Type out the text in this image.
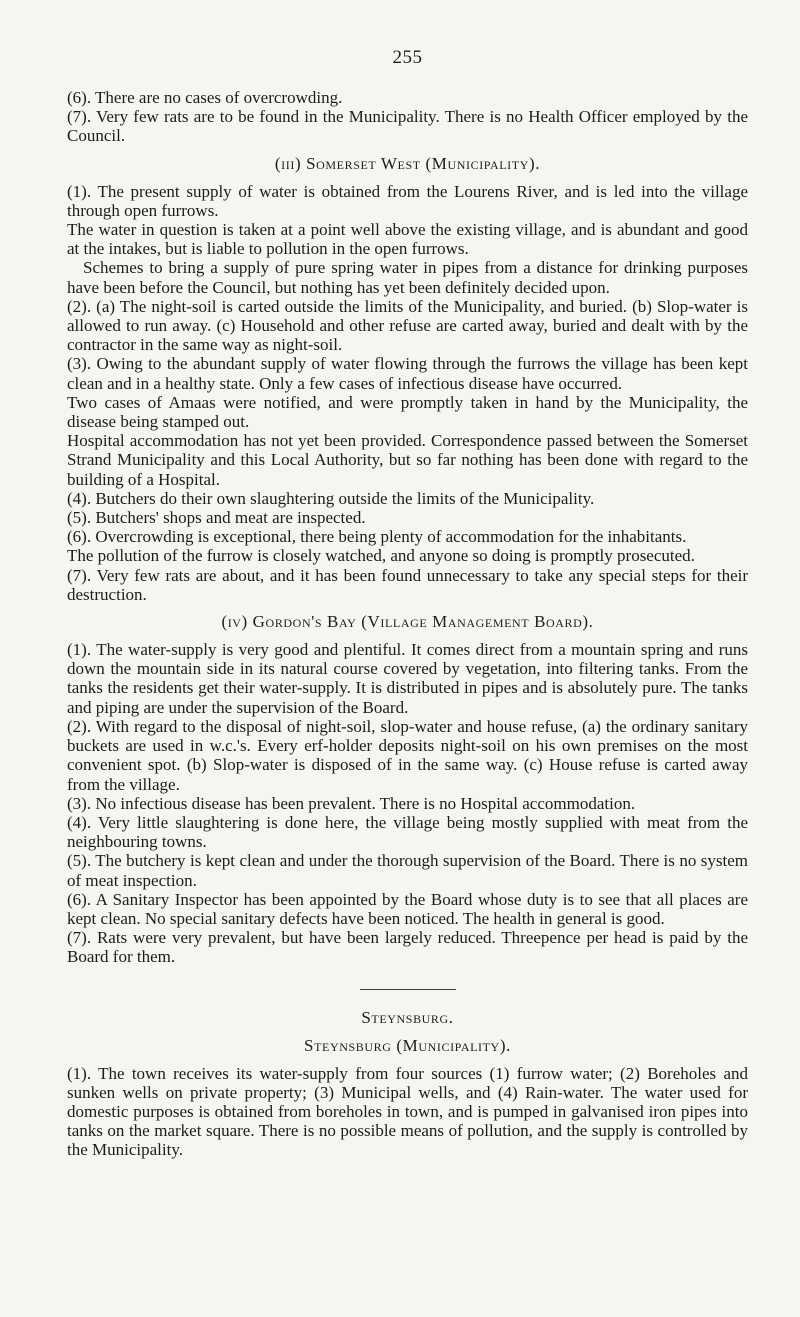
255

(6). There are no cases of overcrowding.

(7). Very few rats are to be found in the Municipality. There is no Health Officer employed by the Council.

(iii) Somerset West (Municipality).

(1). The present supply of water is obtained from the Lourens River, and is led into the village through open furrows.

The water in question is taken at a point well above the existing village, and is abundant and good at the intakes, but is liable to pollution in the open furrows.

Schemes to bring a supply of pure spring water in pipes from a distance for drinking purposes have been before the Council, but nothing has yet been definitely decided upon.

(2). (a) The night-soil is carted outside the limits of the Municipality, and buried. (b) Slop-water is allowed to run away. (c) Household and other refuse are carted away, buried and dealt with by the contractor in the same way as night-soil.

(3). Owing to the abundant supply of water flowing through the furrows the village has been kept clean and in a healthy state. Only a few cases of infectious disease have occurred.

Two cases of Amaas were notified, and were promptly taken in hand by the Municipality, the disease being stamped out.

Hospital accommodation has not yet been provided. Correspondence passed between the Somerset Strand Municipality and this Local Authority, but so far nothing has been done with regard to the building of a Hospital.

(4). Butchers do their own slaughtering outside the limits of the Municipality.

(5). Butchers' shops and meat are inspected.

(6). Overcrowding is exceptional, there being plenty of accommodation for the inhabitants.

The pollution of the furrow is closely watched, and anyone so doing is promptly prosecuted.

(7). Very few rats are about, and it has been found unnecessary to take any special steps for their destruction.

(iv) Gordon's Bay (Village Management Board).

(1). The water-supply is very good and plentiful. It comes direct from a mountain spring and runs down the mountain side in its natural course covered by vegetation, into filtering tanks. From the tanks the residents get their water-supply. It is distributed in pipes and is absolutely pure. The tanks and piping are under the supervision of the Board.

(2). With regard to the disposal of night-soil, slop-water and house refuse, (a) the ordinary sanitary buckets are used in w.c.'s. Every erf-holder deposits night-soil on his own premises on the most convenient spot. (b) Slop-water is disposed of in the same way. (c) House refuse is carted away from the village.

(3). No infectious disease has been prevalent. There is no Hospital accommodation.

(4). Very little slaughtering is done here, the village being mostly supplied with meat from the neighbouring towns.

(5). The butchery is kept clean and under the thorough supervision of the Board. There is no system of meat inspection.

(6). A Sanitary Inspector has been appointed by the Board whose duty is to see that all places are kept clean. No special sanitary defects have been noticed. The health in general is good.

(7). Rats were very prevalent, but have been largely reduced. Threepence per head is paid by the Board for them.

Steynsburg.
Steynsburg (Municipality).

(1). The town receives its water-supply from four sources (1) furrow water; (2) Boreholes and sunken wells on private property; (3) Municipal wells, and (4) Rain-water. The water used for domestic purposes is obtained from boreholes in town, and is pumped in galvanised iron pipes into tanks on the market square. There is no possible means of pollution, and the supply is controlled by the Municipality.
